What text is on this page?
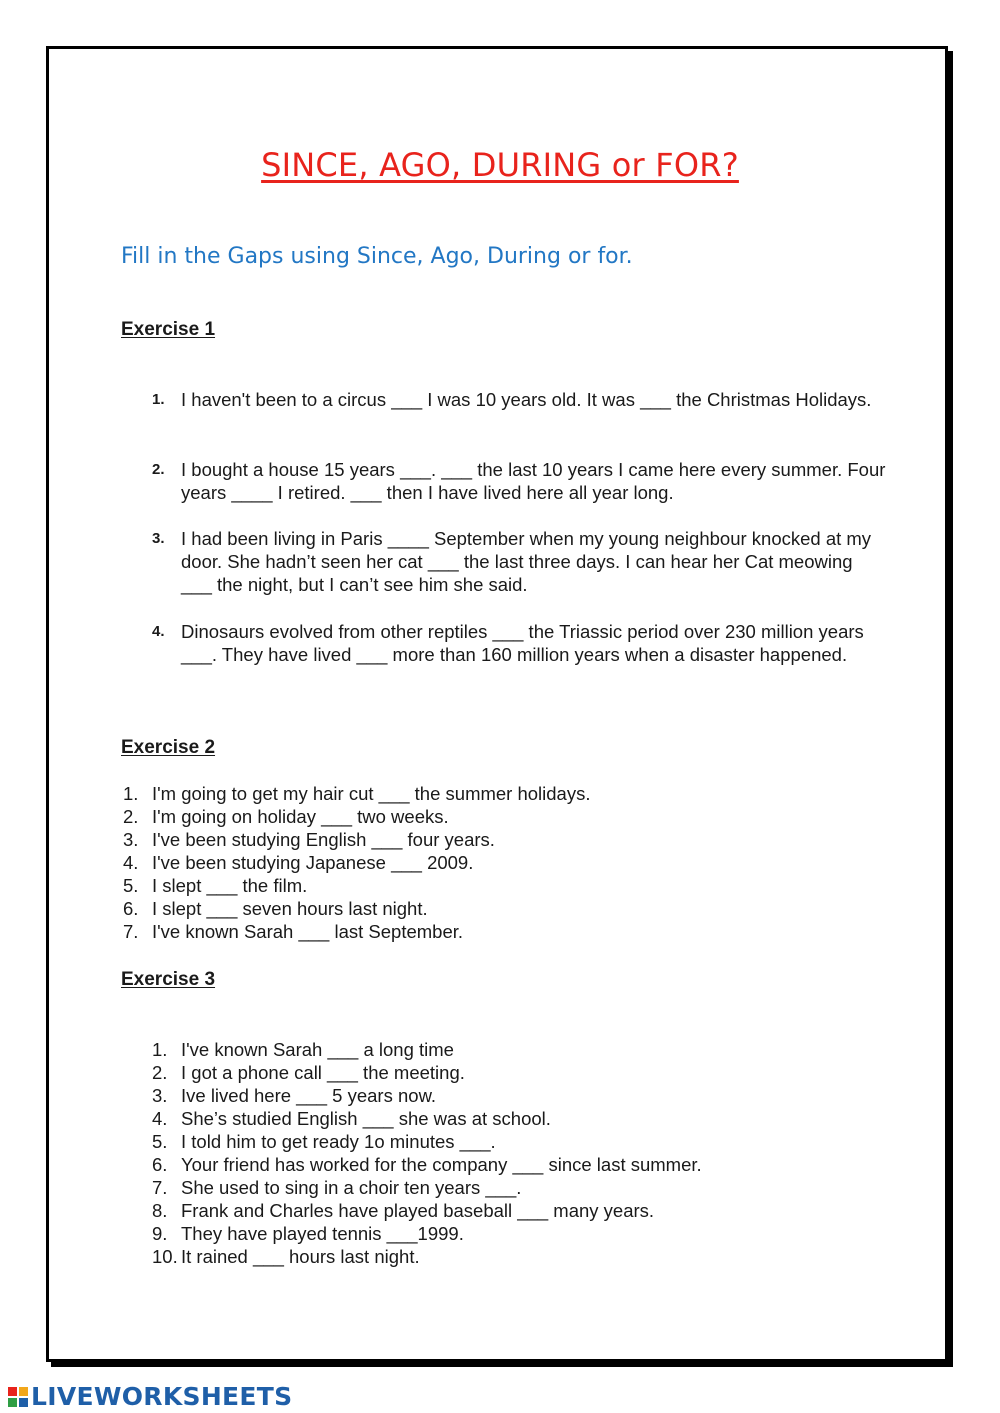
SINCE, AGO, DURING or FOR?
Fill in the Gaps using Since, Ago, During or for.
Exercise 1
1. I haven't been to a circus ___ I was 10 years old. It was ___ the Christmas Holidays.
2. I bought a house 15 years ___. ___ the last 10 years I came here every summer. Four years ____ I retired. ___ then I have lived here all year long.
3. I had been living in Paris ____ September when my young neighbour knocked at my door. She hadn’t seen her cat ___ the last three days. I can hear her Cat meowing ___ the night, but I can’t see him she said.
4. Dinosaurs evolved from other reptiles ___ the Triassic period over 230 million years ___. They have lived ___ more than 160 million years when a disaster happened.
Exercise 2
1. I'm going to get my hair cut ___ the summer holidays.
2. I'm going on holiday ___ two weeks.
3. I've been studying English ___ four years.
4. I've been studying Japanese ___ 2009.
5. I slept ___ the film.
6. I slept ___ seven hours last night.
7. I've known Sarah ___ last September.
Exercise 3
1. I've known Sarah ___ a long time
2. I got a phone call ___ the meeting.
3. Ive lived here ___ 5 years now.
4. She’s studied English ___ she was at school.
5. I told him to get ready 1o minutes ___.
6. Your friend has worked for the company ___ since last summer.
7. She used to sing in a choir ten years ___.
8. Frank and Charles have played baseball ___ many years.
9. They have played tennis ___1999.
10. It rained ___ hours last night.
LIVEWORKSHEETS
